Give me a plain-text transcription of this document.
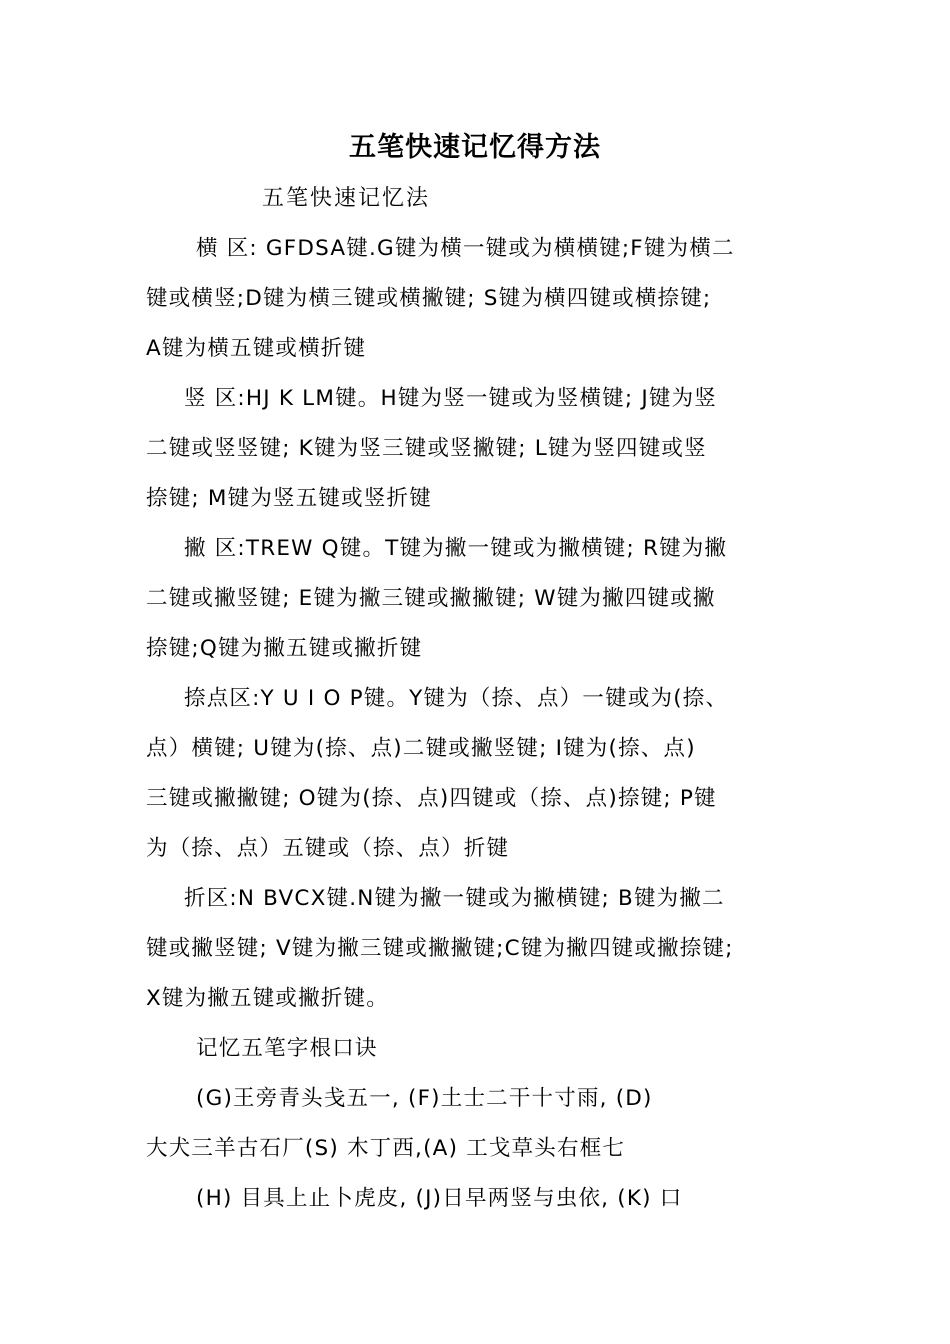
五笔快速记忆得方法
五笔快速记忆法
横 区: GFDSA键.G键为横一键或为横横键;F键为横二
键或横竖;D键为横三键或横撇键; S键为横四键或横捺键;
A键为横五键或横折键
竖 区:HJ K LM键。H键为竖一键或为竖横键; J键为竖
二键或竖竖键; K键为竖三键或竖撇键; L键为竖四键或竖
捺键; M键为竖五键或竖折键
撇 区:TREW Q键。T键为撇一键或为撇横键; R键为撇
二键或撇竖键; E键为撇三键或撇撇键; W键为撇四键或撇
捺键;Q键为撇五键或撇折键
捺点区:Y U I O P键。Y键为（捺、点）一键或为(捺、
点）横键; U键为(捺、点)二键或撇竖键; I键为(捺、点)
三键或撇撇键; O键为(捺、点)四键或（捺、点)捺键; P键
为（捺、点）五键或（捺、点）折键
折区:N BVCX键.N键为撇一键或为撇横键; B键为撇二
键或撇竖键; V键为撇三键或撇撇键;C键为撇四键或撇捺键;
X键为撇五键或撇折键。
记忆五笔字根口诀
(G)王旁青头戋五一, (F)土士二干十寸雨, (D)
大犬三羊古石厂(S) 木丁西,(A) 工戈草头右框七
(H) 目具上止卜虎皮, (J)日早两竖与虫依, (K) 口
